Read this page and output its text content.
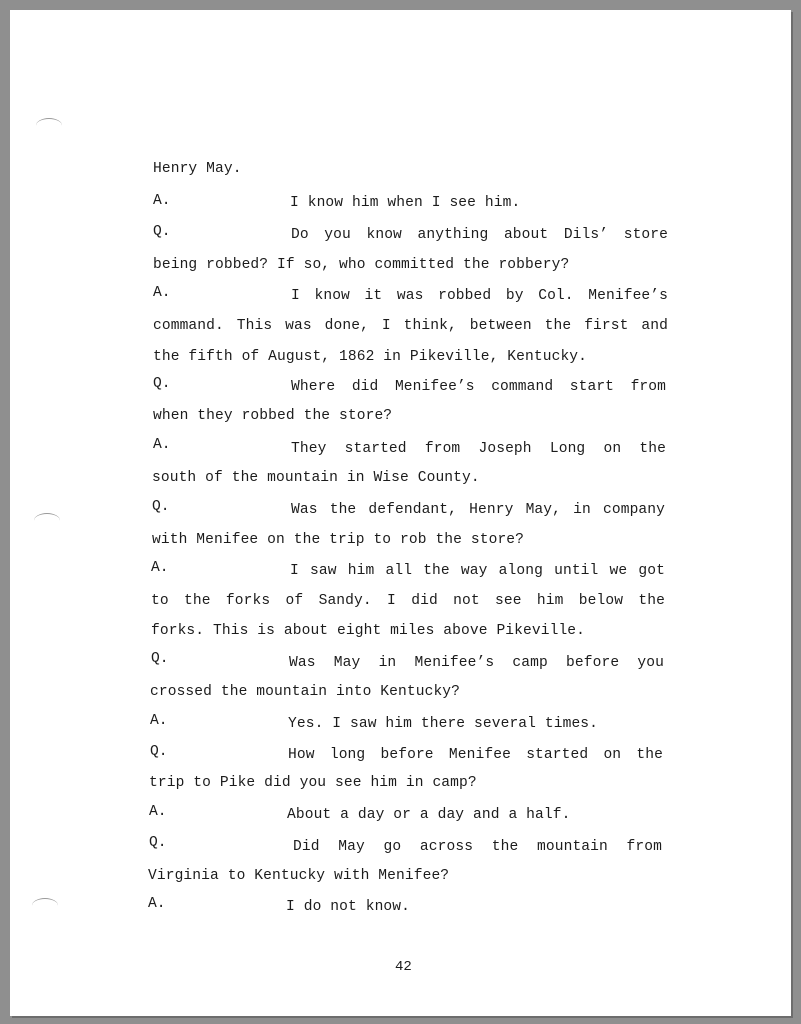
Henry May.
A.	I know him when I see him.
Q.	Do you know anything about Dils’ store
being robbed? If so, who committed the robbery?
A.	I know it was robbed by Col. Menifee’s
command. This was done, I think, between the first and
the fifth of August, 1862 in Pikeville, Kentucky.
Q.	Where did Menifee’s command start from
when they robbed the store?
A.	They started from Joseph Long on the
south of the mountain in Wise County.
Q.	Was the defendant, Henry May, in company
with Menifee on the trip to rob the store?
A.	I saw him all the way along until we got
to the forks of Sandy. I did not see him below the
forks. This is about eight miles above Pikeville.
Q.	Was May in Menifee’s camp before you
crossed the mountain into Kentucky?
A.	Yes. I saw him there several times.
Q.	How long before Menifee started on the
trip to Pike did you see him in camp?
A.	About a day or a day and a half.
Q.	Did May go across the mountain from
Virginia to Kentucky with Menifee?
A.	I do not know.
42
